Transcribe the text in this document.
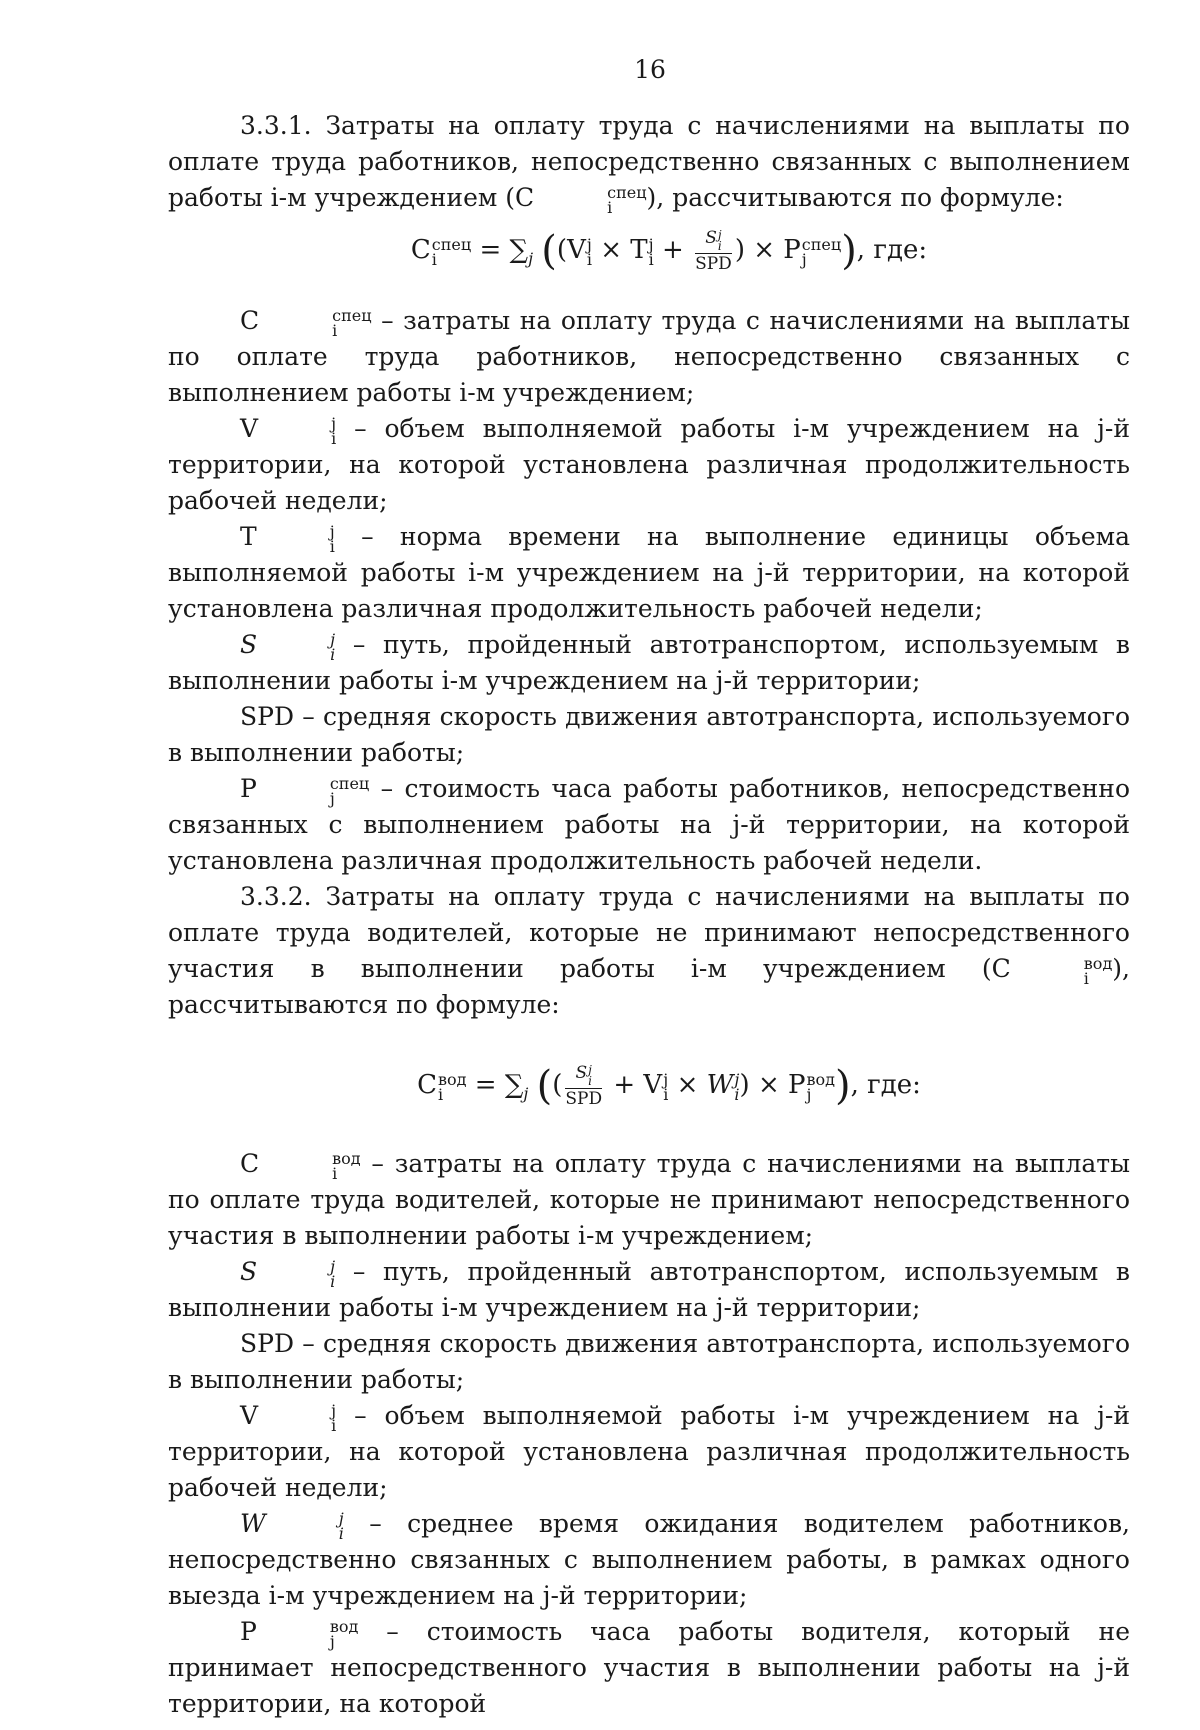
16

3.3.1. Затраты на оплату труда с начислениями на выплаты по оплате труда работников, непосредственно связанных с выполнением работы i-м учреждением (C	спец
i	), рассчитываются по формуле:

C спец
i	= $\sum_j$ ((V j
i × T j
i + S j
i
SPD ) × P спец
j ), где:

C	спец
i	– затраты на оплату труда с начислениями на выплаты по оплате труда работников, непосредственно связанных с выполнением работы i-м учреждением;

V	j
i – объем выполняемой работы i-м учреждением на j-й территории, на которой установлена различная продолжительность рабочей недели;

T	j
i – норма времени на выполнение единицы объема выполняемой работы i-м учреждением на j-й территории, на которой установлена различная продолжительность рабочей недели;

S	j
i – путь, пройденный автотранспортом, используемым в выполнении работы i-м учреждением на j-й территории;

SPD – средняя скорость движения автотранспорта, используемого в выполнении работы;

P	спец
j	– стоимость часа работы работников, непосредственно связанных с выполнением работы на j-й территории, на которой установлена различная продолжительность рабочей недели.

3.3.2. Затраты на оплату труда с начислениями на выплаты по оплате труда водителей, которые не принимают непосредственного участия в выполнении работы i-м учреждением (C	вод
i ), рассчитываются по формуле:

C вод
i	= $\sum_j$ (( S j
i
SPD + V j
i × W j
i ) × P вод
j ), где:

C	вод
i – затраты на оплату труда с начислениями на выплаты по оплате труда водителей, которые не принимают непосредственного участия в выполнении работы i-м учреждением;

S	j
i – путь, пройденный автотранспортом, используемым в выполнении работы i-м учреждением на j-й территории;

SPD – средняя скорость движения автотранспорта, используемого в выполнении работы;

V	j
i – объем выполняемой работы i-м учреждением на j-й территории, на которой установлена различная продолжительность рабочей недели;

W	j
i – среднее время ожидания водителем работников, непосредственно связанных с выполнением работы, в рамках одного выезда i-м учреждением на j-й территории;

P	вод
j – стоимость часа работы водителя, который не принимает непосредственного участия в выполнении работы на j-й территории, на которой
